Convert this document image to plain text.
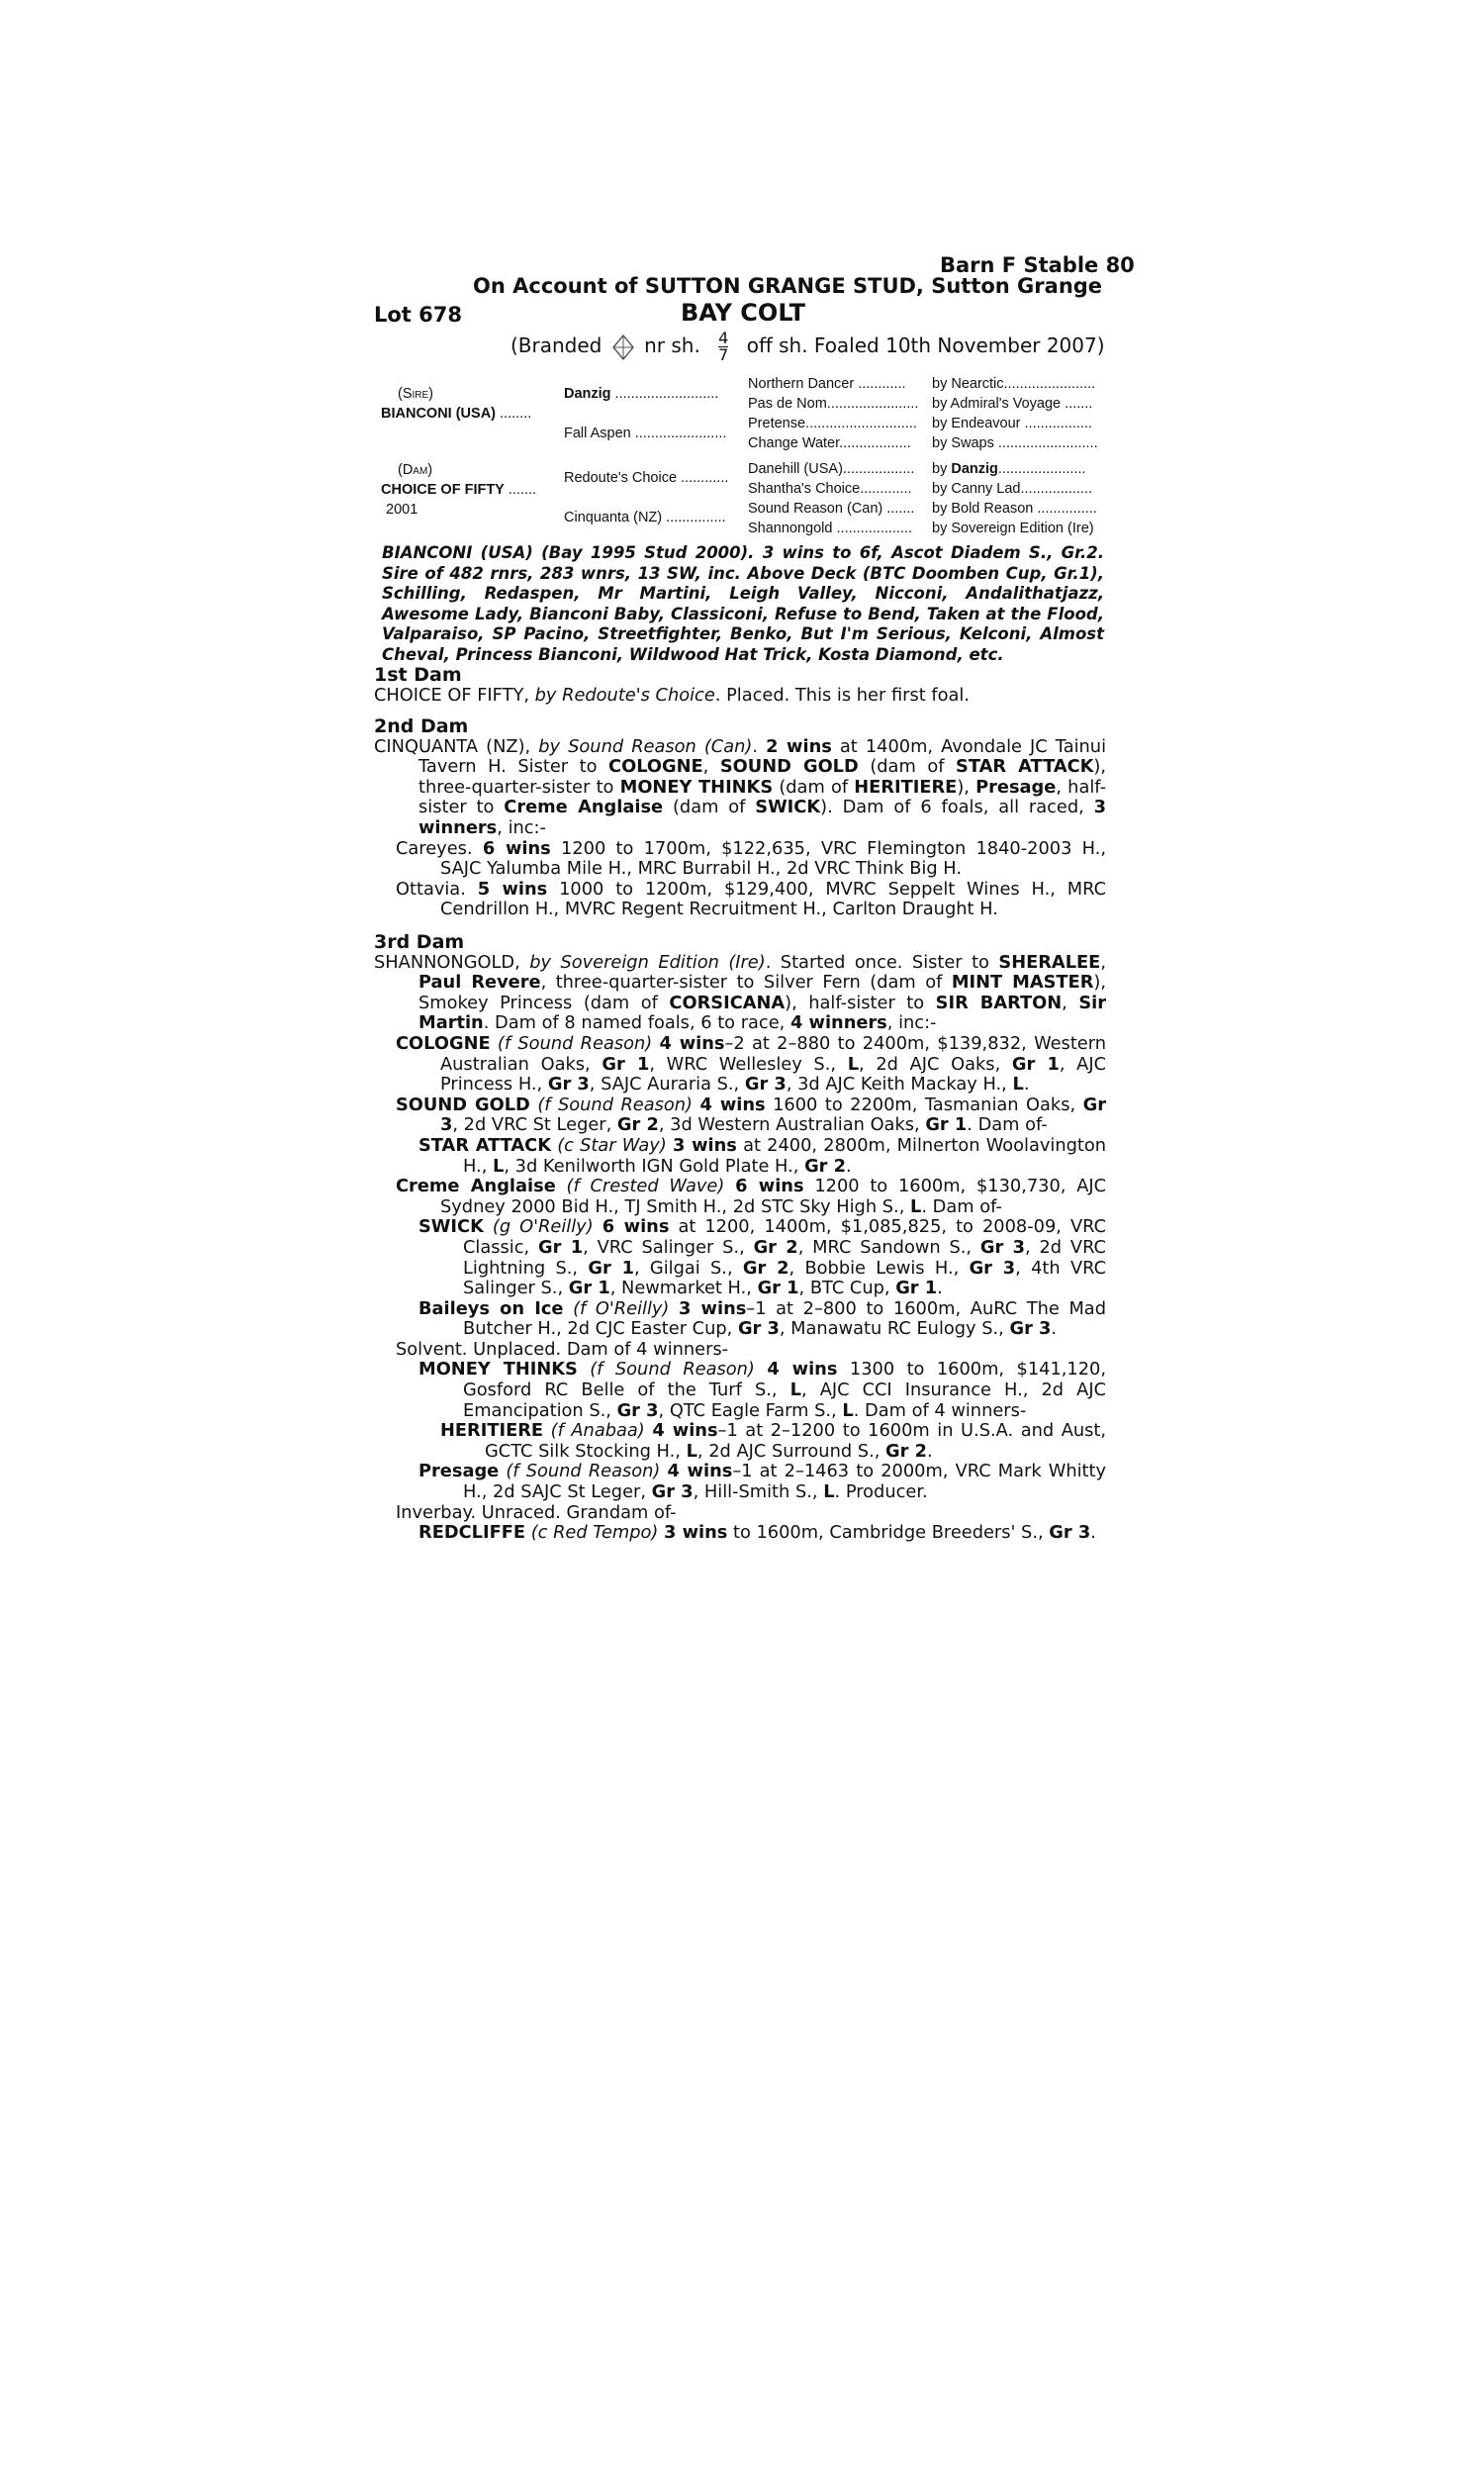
Barn F Stable 80
On Account of SUTTON GRANGE STUD, Sutton Grange
Lot 678	BAY COLT
(Branded nr sh. $\frac{4}{7}$ off sh. Foaled 10th November 2007)
(Sire)
BIANCONI (USA) ........
Danzig ..........................
Fall Aspen .......................
Northern Dancer ............
Pas de Nom.......................
Pretense............................
Change Water..................
by Nearctic.......................
by Admiral's Voyage .......
by Endeavour .................
by Swaps .........................
(Dam)
CHOICE OF FIFTY .......
2001
Redoute's Choice ............
Cinquanta (NZ) ...............
Danehill (USA)..................
Shantha's Choice.............
Sound Reason (Can) .......
Shannongold ...................
by Danzig......................
by Canny Lad..................
by Bold Reason ...............
by Sovereign Edition (Ire)
BIANCONI (USA) (Bay 1995 Stud 2000). 3 wins to 6f, Ascot Diadem S., Gr.2. Sire of 482 rnrs, 283 wnrs, 13 SW, inc. Above Deck (BTC Doomben Cup, Gr.1), Schilling, Redaspen, Mr Martini, Leigh Valley, Nicconi, Andalithatjazz, Awesome Lady, Bianconi Baby, Classiconi, Refuse to Bend, Taken at the Flood, Valparaiso, SP Pacino, Streetfighter, Benko, But I'm Serious, Kelconi, Almost Cheval, Princess Bianconi, Wildwood Hat Trick, Kosta Diamond, etc.
1st Dam

CHOICE OF FIFTY, by Redoute's Choice. Placed. This is her first foal.

2nd Dam

CINQUANTA (NZ), by Sound Reason (Can). 2 wins at 1400m, Avondale JC Tainui Tavern H. Sister to COLOGNE, SOUND GOLD (dam of STAR ATTACK), three-quarter-sister to MONEY THINKS (dam of HERITIERE), Presage, half-sister to Creme Anglaise (dam of SWICK). Dam of 6 foals, all raced, 3 winners, inc:-

Careyes. 6 wins 1200 to 1700m, $122,635, VRC Flemington 1840-2003 H., SAJC Yalumba Mile H., MRC Burrabil H., 2d VRC Think Big H.

Ottavia. 5 wins 1000 to 1200m, $129,400, MVRC Seppelt Wines H., MRC Cendrillon H., MVRC Regent Recruitment H., Carlton Draught H.

3rd Dam

SHANNONGOLD, by Sovereign Edition (Ire). Started once. Sister to SHERALEE, Paul Revere, three-quarter-sister to Silver Fern (dam of MINT MASTER), Smokey Princess (dam of CORSICANA), half-sister to SIR BARTON, Sir Martin. Dam of 8 named foals, 6 to race, 4 winners, inc:-

COLOGNE (f Sound Reason) 4 wins–2 at 2–880 to 2400m, $139,832, Western Australian Oaks, Gr 1, WRC Wellesley S., L, 2d AJC Oaks, Gr 1, AJC Princess H., Gr 3, SAJC Auraria S., Gr 3, 3d AJC Keith Mackay H., L.

SOUND GOLD (f Sound Reason) 4 wins 1600 to 2200m, Tasmanian Oaks, Gr 3, 2d VRC St Leger, Gr 2, 3d Western Australian Oaks, Gr 1. Dam of-

STAR ATTACK (c Star Way) 3 wins at 2400, 2800m, Milnerton Woolavington H., L, 3d Kenilworth IGN Gold Plate H., Gr 2.

Creme Anglaise (f Crested Wave) 6 wins 1200 to 1600m, $130,730, AJC Sydney 2000 Bid H., TJ Smith H., 2d STC Sky High S., L. Dam of-

SWICK (g O'Reilly) 6 wins at 1200, 1400m, $1,085,825, to 2008-09, VRC Classic, Gr 1, VRC Salinger S., Gr 2, MRC Sandown S., Gr 3, 2d VRC Lightning S., Gr 1, Gilgai S., Gr 2, Bobbie Lewis H., Gr 3, 4th VRC Salinger S., Gr 1, Newmarket H., Gr 1, BTC Cup, Gr 1.

Baileys on Ice (f O'Reilly) 3 wins–1 at 2–800 to 1600m, AuRC The Mad Butcher H., 2d CJC Easter Cup, Gr 3, Manawatu RC Eulogy S., Gr 3.

Solvent. Unplaced. Dam of 4 winners-

MONEY THINKS (f Sound Reason) 4 wins 1300 to 1600m, $141,120, Gosford RC Belle of the Turf S., L, AJC CCI Insurance H., 2d AJC Emancipation S., Gr 3, QTC Eagle Farm S., L. Dam of 4 winners-

HERITIERE (f Anabaa) 4 wins–1 at 2–1200 to 1600m in U.S.A. and Aust, GCTC Silk Stocking H., L, 2d AJC Surround S., Gr 2.

Presage (f Sound Reason) 4 wins–1 at 2–1463 to 2000m, VRC Mark Whitty H., 2d SAJC St Leger, Gr 3, Hill-Smith S., L. Producer.

Inverbay. Unraced. Grandam of-

REDCLIFFE (c Red Tempo) 3 wins to 1600m, Cambridge Breeders' S., Gr 3.
